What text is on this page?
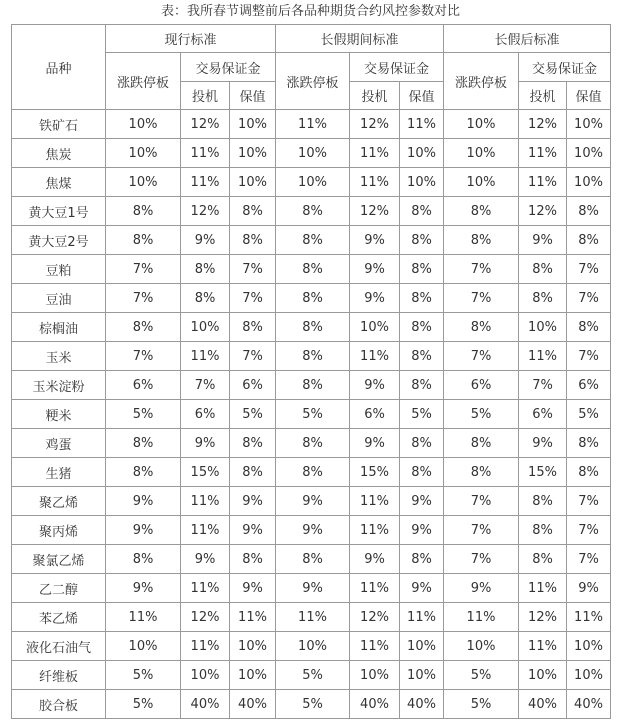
表：我所春节调整前后各品种期货合约风控参数对比
品种	现行标准			长假期间标准			长假后标准		
	涨跌停板	交易保证金		涨跌停板	交易保证金		涨跌停板	交易保证金	
		投机	保值		投机	保值		投机	保值
铁矿石	10%	12%	10%	11%	12%	11%	10%	12%	10%
焦炭	10%	11%	10%	10%	11%	10%	10%	11%	10%
焦煤	10%	11%	10%	10%	11%	10%	10%	11%	10%
黄大豆1号	8%	12%	8%	8%	12%	8%	8%	12%	8%
黄大豆2号	8%	9%	8%	8%	9%	8%	8%	9%	8%
豆粕	7%	8%	7%	8%	9%	8%	7%	8%	7%
豆油	7%	8%	7%	8%	9%	8%	7%	8%	7%
棕榈油	8%	10%	8%	8%	10%	8%	8%	10%	8%
玉米	7%	11%	7%	8%	11%	8%	7%	11%	7%
玉米淀粉	6%	7%	6%	8%	9%	8%	6%	7%	6%
粳米	5%	6%	5%	5%	6%	5%	5%	6%	5%
鸡蛋	8%	9%	8%	8%	9%	8%	8%	9%	8%
生猪	8%	15%	8%	8%	15%	8%	8%	15%	8%
聚乙烯	9%	11%	9%	9%	11%	9%	7%	8%	7%
聚丙烯	9%	11%	9%	9%	11%	9%	7%	8%	7%
聚氯乙烯	8%	9%	8%	8%	9%	8%	7%	8%	7%
乙二醇	9%	11%	9%	9%	11%	9%	9%	11%	9%
苯乙烯	11%	12%	11%	11%	12%	11%	11%	12%	11%
液化石油气	10%	11%	10%	10%	11%	10%	10%	11%	10%
纤维板	5%	10%	10%	5%	10%	10%	5%	10%	10%
胶合板	5%	40%	40%	5%	40%	40%	5%	40%	40%
